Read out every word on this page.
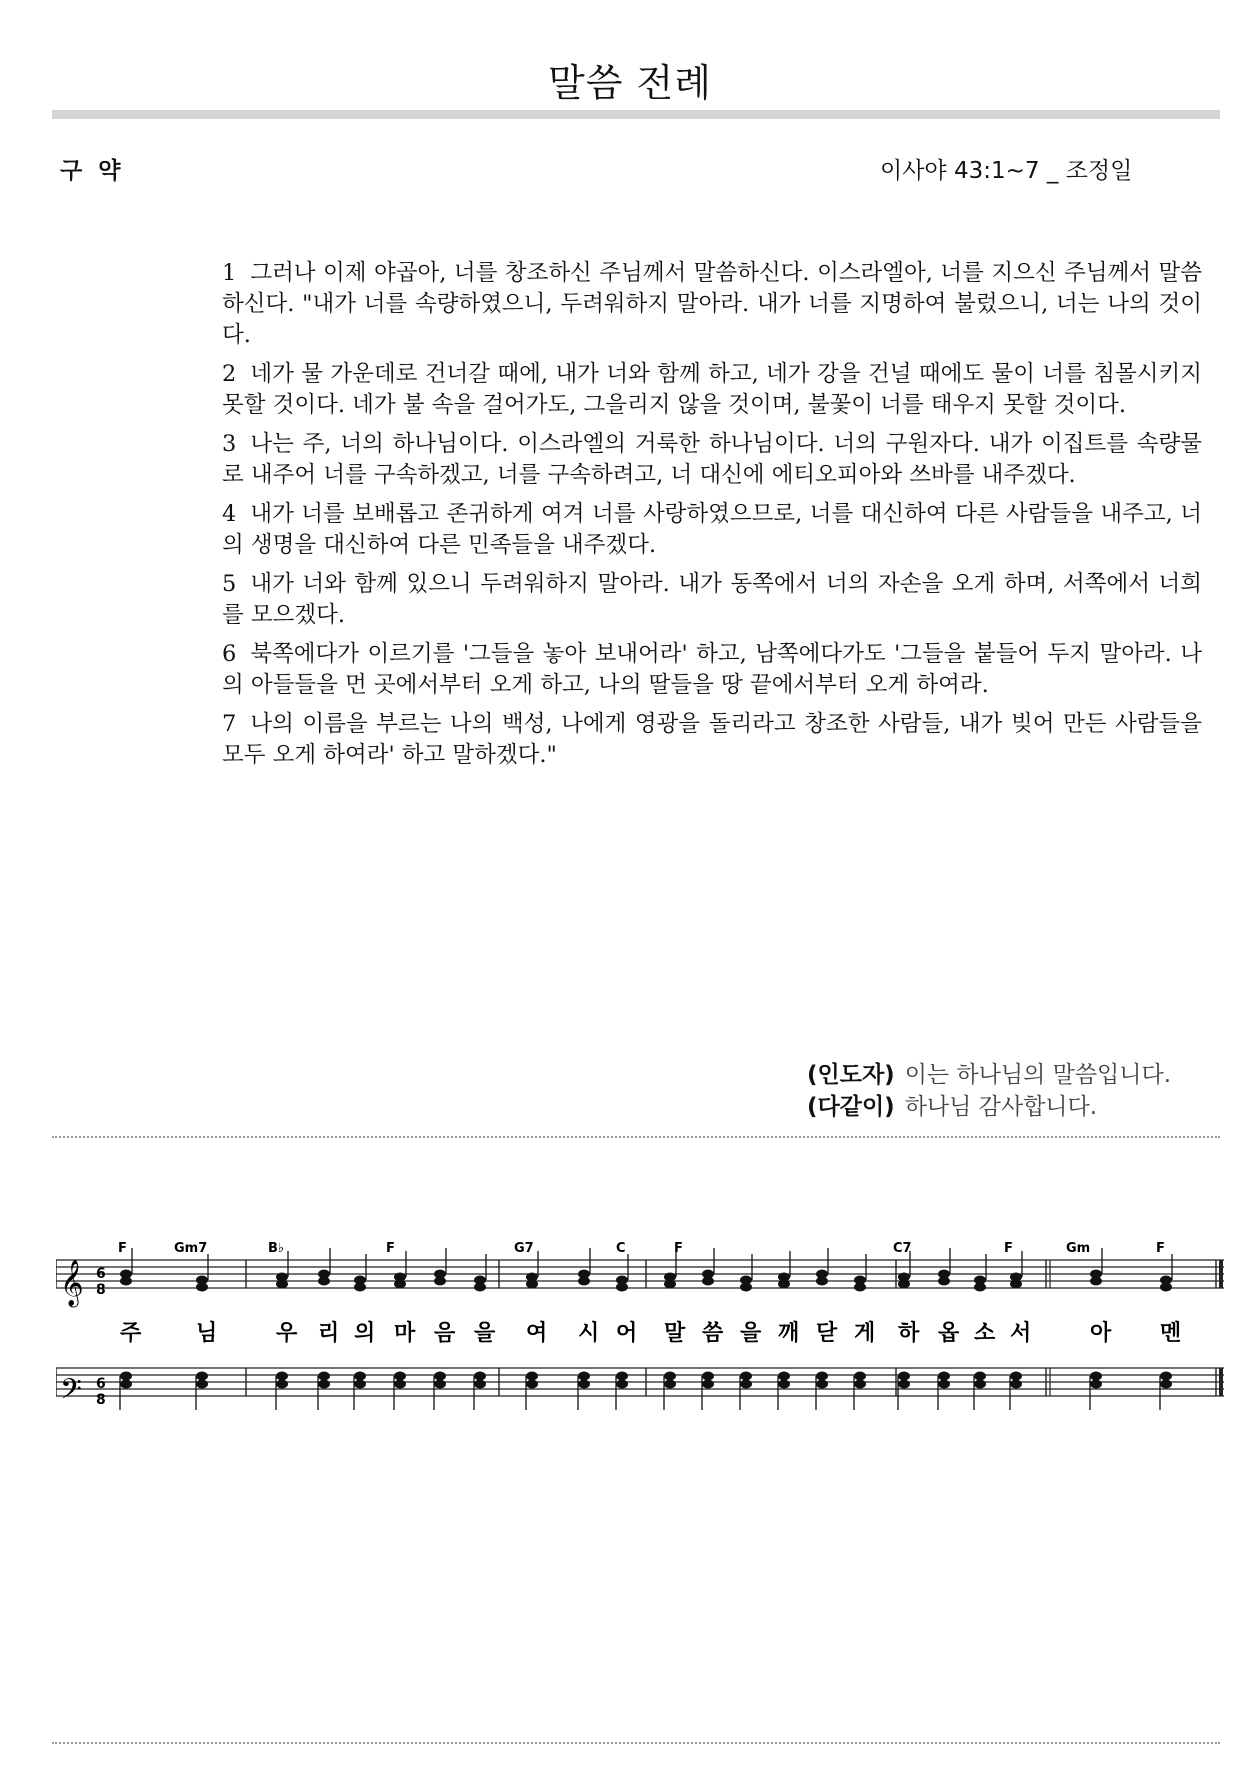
말씀 전례
구 약	이사야 43:1~7 _ 조정일

1 그러나 이제 야곱아, 너를 창조하신 주님께서 말씀하신다. 이스라엘아, 너를 지으신 주님께서 말씀하신다. "내가 너를 속량하였으니, 두려워하지 말아라. 내가 너를 지명하여 불렀으니, 너는 나의 것이다.

2 네가 물 가운데로 건너갈 때에, 내가 너와 함께 하고, 네가 강을 건널 때에도 물이 너를 침몰시키지 못할 것이다. 네가 불 속을 걸어가도, 그을리지 않을 것이며, 불꽃이 너를 태우지 못할 것이다.

3 나는 주, 너의 하나님이다. 이스라엘의 거룩한 하나님이다. 너의 구원자다. 내가 이집트를 속량물로 내주어 너를 구속하겠고, 너를 구속하려고, 너 대신에 에티오피아와 쓰바를 내주겠다.

4 내가 너를 보배롭고 존귀하게 여겨 너를 사랑하였으므로, 너를 대신하여 다른 사람들을 내주고, 너의 생명을 대신하여 다른 민족들을 내주겠다.

5 내가 너와 함께 있으니 두려워하지 말아라. 내가 동쪽에서 너의 자손을 오게 하며, 서쪽에서 너희를 모으겠다.

6 북쪽에다가 이르기를 '그들을 놓아 보내어라' 하고, 남쪽에다가도 '그들을 붙들어 두지 말아라. 나의 아들들을 먼 곳에서부터 오게 하고, 나의 딸들을 땅 끝에서부터 오게 하여라.

7 나의 이름을 부르는 나의 백성, 나에게 영광을 돌리라고 창조한 사람들, 내가 빚어 만든 사람들을 모두 오게 하여라' 하고 말하겠다."

(인도자) 이는 하나님의 말씀입니다.
(다같이) 하나님 감사합니다.
F	Gm7	B♭	F	G7	C	F	C7	F	Gm	F
주 님	우 리 의 마 음 을 여 시 어 말 씀 을 깨 닫 게 하 옵 소 서	아 멘
𝄞
𝄢
6
8
6
8
